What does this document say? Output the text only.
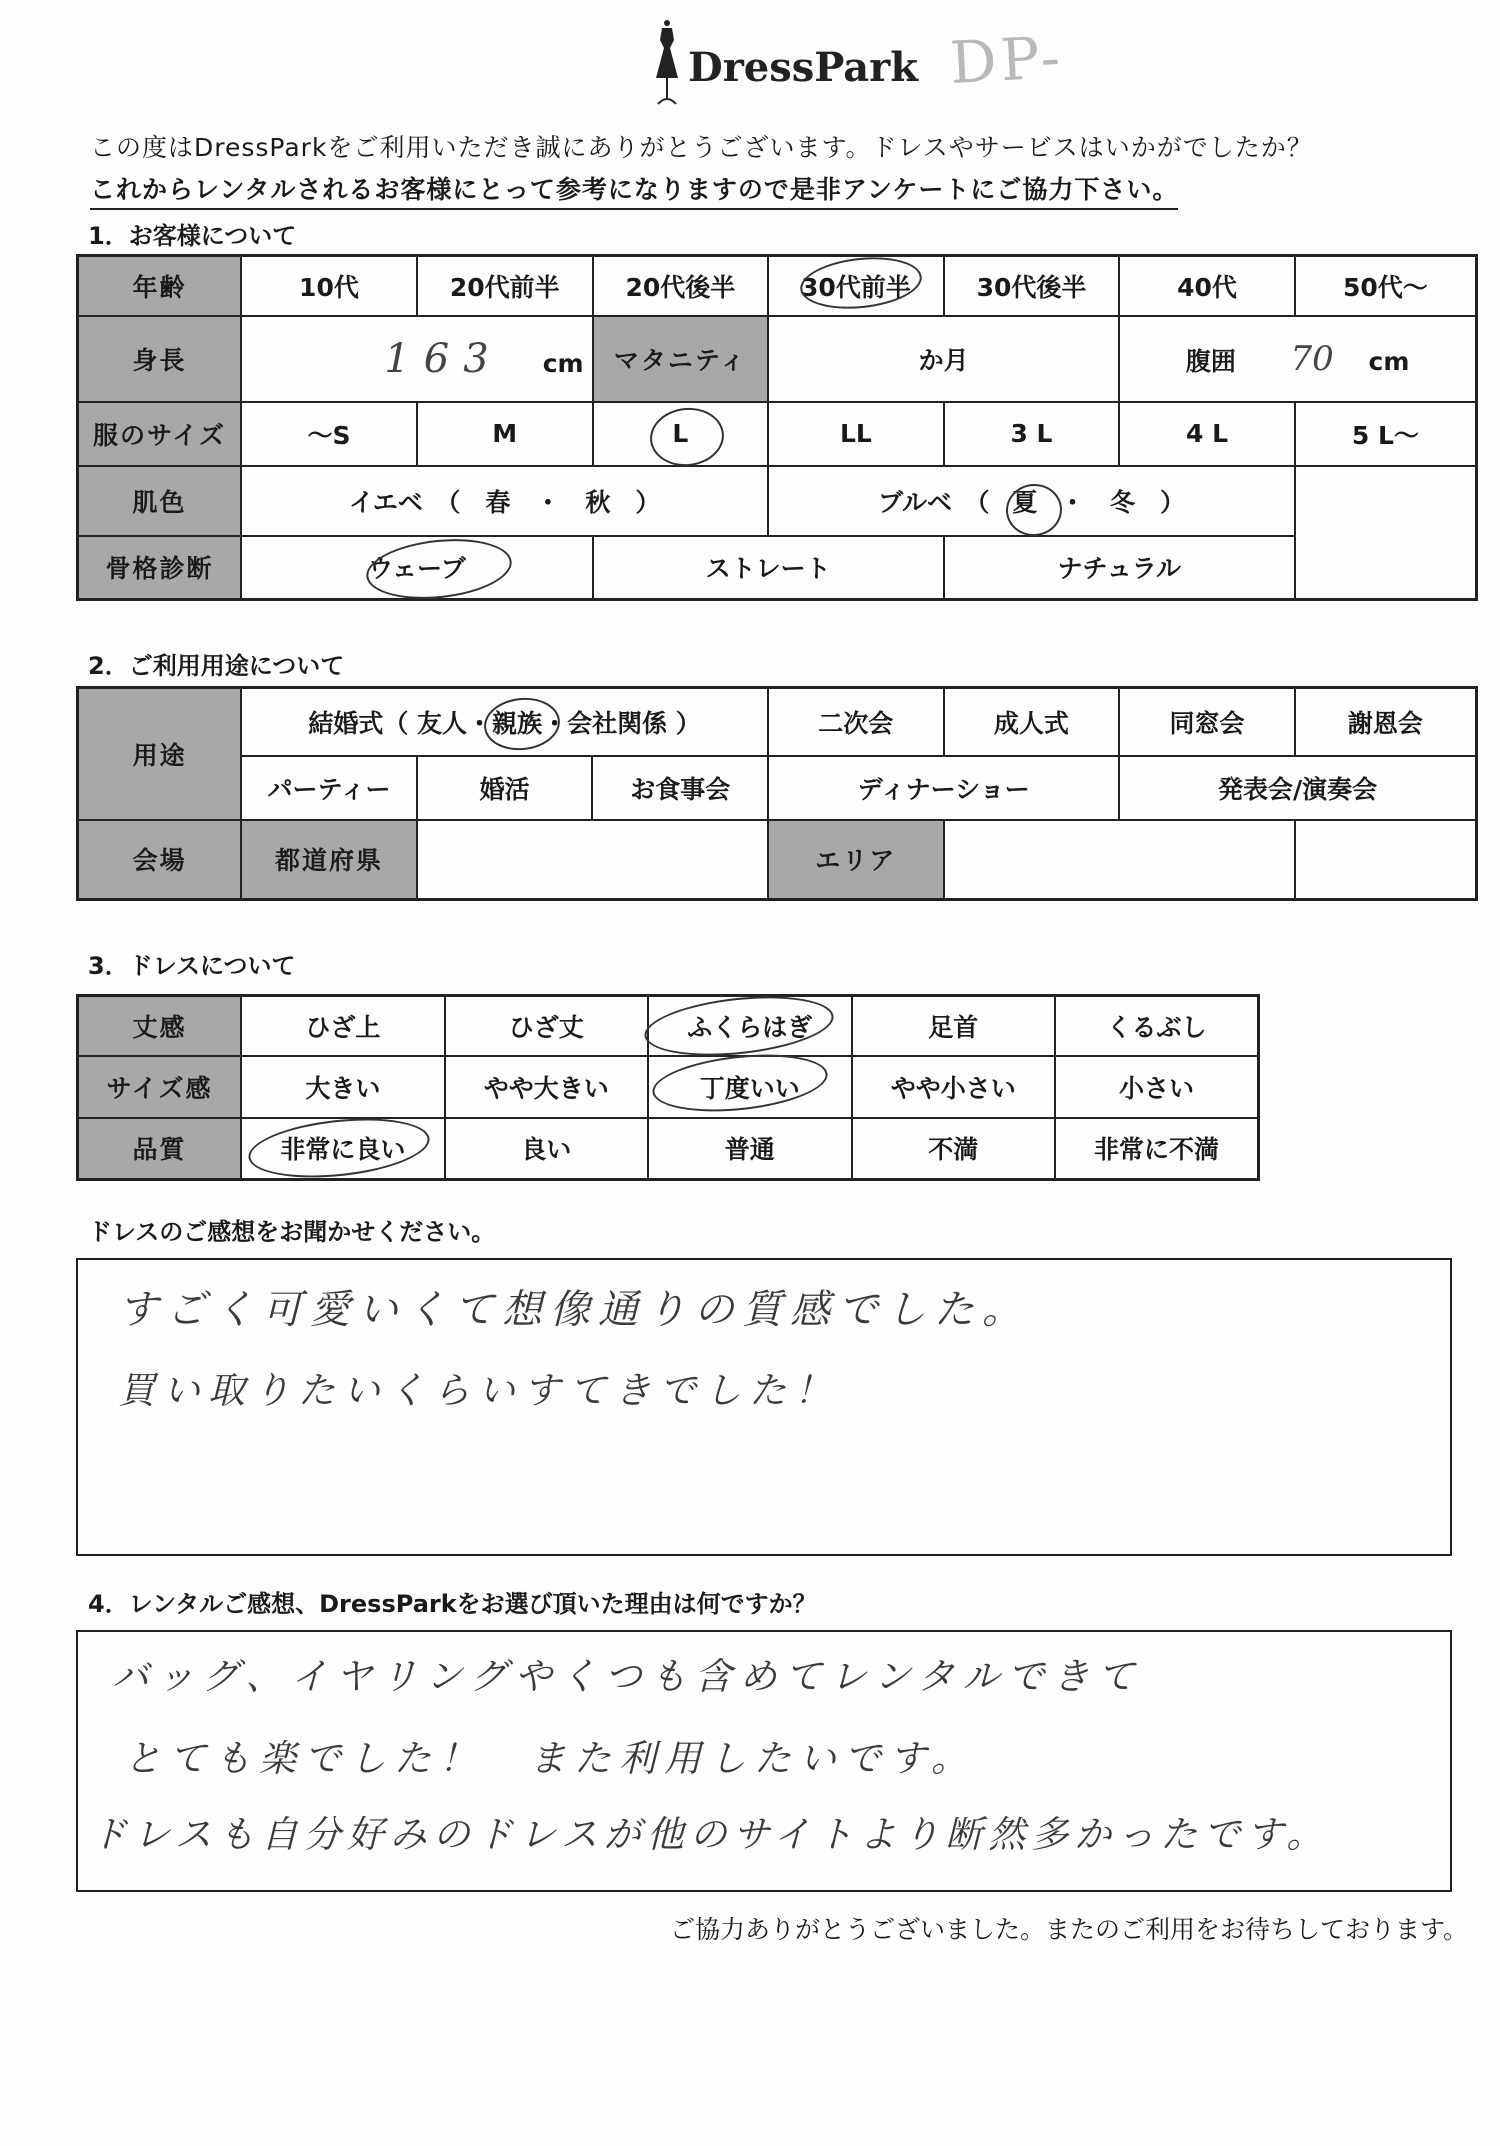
DressPark DP-
この度はDressParkをご利用いただき誠にありがとうございます。ドレスやサービスはいかがでしたか？
これからレンタルされるお客様にとって参考になりますので是非アンケートにご協力下さい。
1．お客様について
年齢	10代	20代前半	20代後半	30代前半	30代後半	40代	50代～
身長	163 cm		マタニティ	か月		腹囲 70 cm	
服のサイズ	～S	M	L	LL	3 L	4 L	5 L～
肌色	イエベ　（　春　・　秋　）			ブルベ　（ 夏 ・　冬　）			
骨格診断	ウェーブ		ストレート		ナチュラル		
2．ご利用用途について
用途	結婚式（ 友人・親族・会社関係 ）			二次会	成人式	同窓会	謝恩会
	パーティー	婚活	お食事会	ディナーショー		発表会/演奏会	
会場	都道府県			エリア			
3．ドレスについて
丈感	ひざ上	ひざ丈	ふくらはぎ	足首	くるぶし
サイズ感	大きい	やや大きい	丁度いい	やや小さい	小さい
品質	非常に良い	良い	普通	不満	非常に不満
ドレスのご感想をお聞かせください。
すごく可愛いくて想像通りの質感でした。
買い取りたいくらいすてきでした！
4．レンタルご感想、DressParkをお選び頂いた理由は何ですか？
バッグ、イヤリングやくつも含めてレンタルできて
とても楽でした！　また利用したいです。
ドレスも自分好みのドレスが他のサイトより断然多かったです。
ご協力ありがとうございました。またのご利用をお待ちしております。
